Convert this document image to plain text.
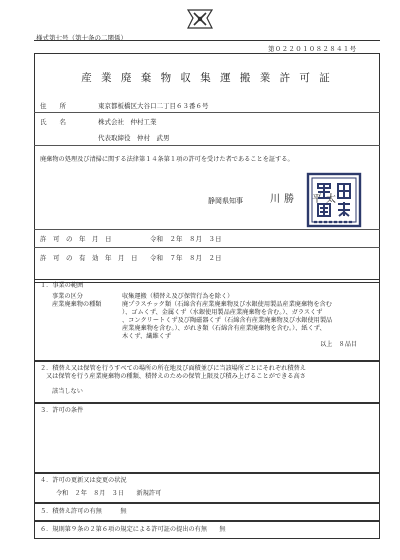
様式第七号（第十条の二関係）
第０２２０１０８２８４１号
産 業 廃 棄 物 収 集 運 搬 業 許 可 証
住　　所	東京都板橋区大谷口二丁目６３番６号
氏　　名	株式会社　仲村工業
代表取締役　仲村　武男
廃棄物の処理及び清掃に関する法律第１４条第１項の許可を受けた者であることを証する。
静岡県知事	川勝　平太
許　可　の　年　月　日	令和　２年　８月　３日
許　可　の　有　効　年　月　日 令和　７年　８月　２日
１．事業の範囲
事業の区分	収集運搬（積替え及び保管行為を除く）
産業廃棄物の種類	廃プラスチック類（石綿含有産業廃棄物及び水銀使用製品産業廃棄物を含む
）、ゴムくず、金属くず（水銀使用製品産業廃棄物を含む。）、ガラスくず
、コンクリートくず及び陶磁器くず（石綿含有産業廃棄物及び水銀使用製品
産業廃棄物を含む。）、がれき類（石綿含有産業廃棄物を含む。）、紙くず、
木くず、繊維くず
以上　８品目
２．積替え又は保管を行うすべての場所の所在地及び面積並びに当該場所ごとにそれぞれ積替え
又は保管を行う産業廃棄物の種類、積替えのための保管上限及び積み上げることができる高さ
該当しない
３．許可の条件
４．許可の更新又は変更の状況
令和　２年　８月　３日　　新規許可
５．積替え許可の有無　　　無
６．規則第９条の２第６項の規定による許可証の提出の有無　　無
